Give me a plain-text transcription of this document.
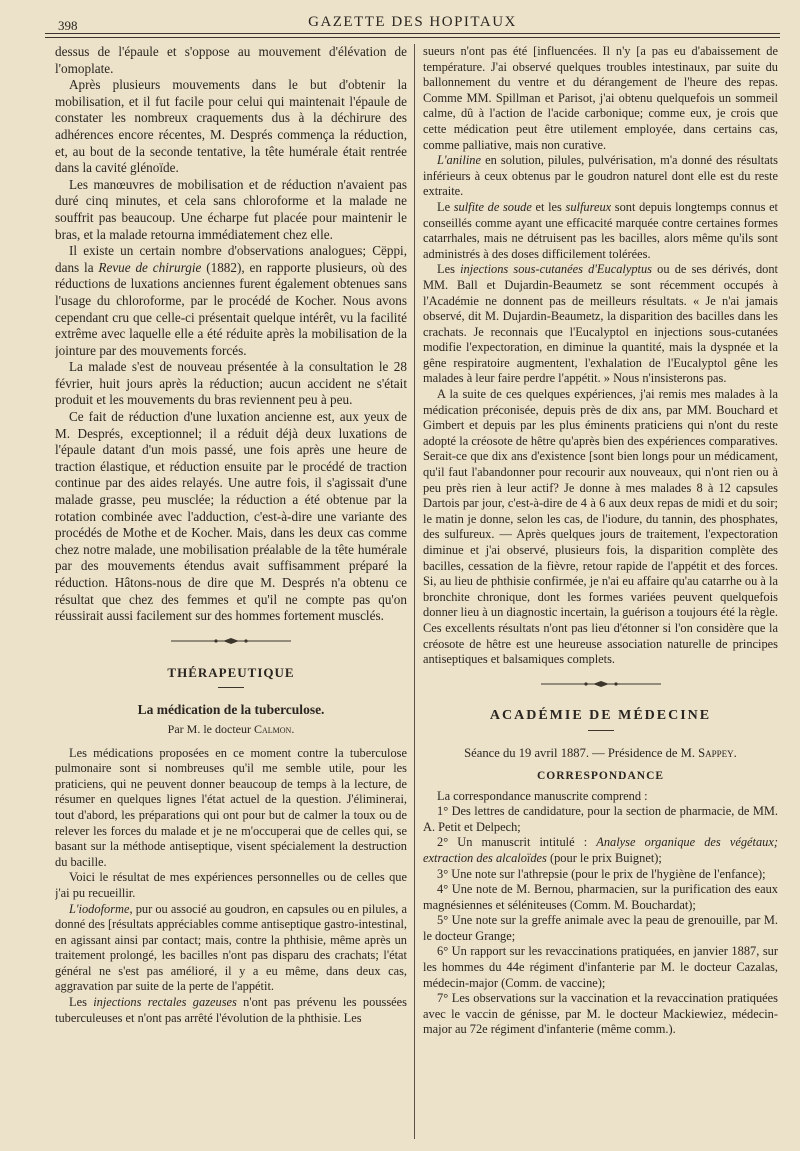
398	GAZETTE DES HOPITAUX

dessus de l'épaule et s'oppose au mouvement d'élévation de l'omoplate.

Après plusieurs mouvements dans le but d'obtenir la mobilisation, et il fut facile pour celui qui maintenait l'épaule de constater les nombreux craquements dus à la déchirure des adhérences encore récentes, M. Després commença la réduction, et, au bout de la seconde tentative, la tête humérale était rentrée dans la cavité glénoïde.

Les manœuvres de mobilisation et de réduction n'avaient pas duré cinq minutes, et cela sans chloroforme et la malade ne souffrit pas beaucoup. Une écharpe fut placée pour maintenir le bras, et la malade retourna immédiatement chez elle.

Il existe un certain nombre d'observations analogues; Cëppi, dans la Revue de chirurgie (1882), en rapporte plusieurs, où des réductions de luxations anciennes furent également obtenues sans l'usage du chloroforme, par le procédé de Kocher. Nous avons cependant cru que celle-ci présentait quelque intérêt, vu la facilité extrême avec laquelle elle a été réduite après la mobilisation de la jointure par des mouvements forcés.

La malade s'est de nouveau présentée à la consultation le 28 février, huit jours après la réduction; aucun accident ne s'était produit et les mouvements du bras reviennent peu à peu.

Ce fait de réduction d'une luxation ancienne est, aux yeux de M. Després, exceptionnel; il a réduit déjà deux luxations de l'épaule datant d'un mois passé, une fois après une heure de traction élastique, et réduction ensuite par le procédé de traction continue par des aides relayés. Une autre fois, il s'agissait d'une malade grasse, peu musclée; la réduction a été obtenue par la rotation combinée avec l'adduction, c'est-à-dire une variante des procédés de Mothe et de Kocher. Mais, dans les deux cas comme chez notre malade, une mobilisation préalable de la tête humérale par des mouvements étendus avait suffisamment préparé la réduction. Hâtons-nous de dire que M. Després n'a obtenu ce résultat que chez des femmes et qu'il ne compte pas qu'on réussirait aussi facilement sur des hommes fortement musclés.

THÉRAPEUTIQUE
La médication de la tuberculose.
Par M. le docteur Calmon.

Les médications proposées en ce moment contre la tuberculose pulmonaire sont si nombreuses qu'il me semble utile, pour les praticiens, qui ne peuvent donner beaucoup de temps à la lecture, de résumer en quelques lignes l'état actuel de la question. J'éliminerai, tout d'abord, les préparations qui ont pour but de calmer la toux ou de relever les forces du malade et je ne m'occuperai que de celles qui, se basant sur la méthode antiseptique, visent spécialement la destruction du bacille.

Voici le résultat de mes expériences personnelles ou de celles que j'ai pu recueillir.

L'iodoforme, pur ou associé au goudron, en capsules ou en pilules, a donné des [résultats appréciables comme antiseptique gastro-intestinal, en agissant ainsi par contact; mais, contre la phthisie, même après un traitement prolongé, les bacilles n'ont pas disparu des crachats; l'état général ne s'est pas amélioré, il y a eu même, dans deux cas, aggravation par suite de la perte de l'appétit.

Les injections rectales gazeuses n'ont pas prévenu les poussées tuberculeuses et n'ont pas arrêté l'évolution de la phthisie. Les

sueurs n'ont pas été [influencées. Il n'y [a pas eu d'abaissement de température. J'ai observé quelques troubles intestinaux, par suite du ballonnement du ventre et du dérangement de l'heure des repas. Comme MM. Spillman et Parisot, j'ai obtenu quelquefois un sommeil calme, dû à l'action de l'acide carbonique; comme eux, je crois que cette médication peut être utilement employée, dans certains cas, comme palliative, mais non curative.

L'aniline en solution, pilules, pulvérisation, m'a donné des résultats inférieurs à ceux obtenus par le goudron naturel dont elle est du reste extraite.

Le sulfite de soude et les sulfureux sont depuis longtemps connus et conseillés comme ayant une efficacité marquée contre certaines formes catarrhales, mais ne détruisent pas les bacilles, alors même qu'ils sont administrés à des doses difficilement tolérées.

Les injections sous-cutanées d'Eucalyptus ou de ses dérivés, dont MM. Ball et Dujardin-Beaumetz se sont récemment occupés à l'Académie ne donnent pas de meilleurs résultats. « Je n'ai jamais observé, dit M. Dujardin-Beaumetz, la disparition des bacilles dans les crachats. Je reconnais que l'Eucalyptol en injections sous-cutanées modifie l'expectoration, en diminue la quantité, mais la dyspnée et la gêne respiratoire augmentent, l'exhalation de l'Eucalyptol gêne les malades à leur faire perdre l'appétit. » Nous n'insisterons pas.

A la suite de ces quelques expériences, j'ai remis mes malades à la médication préconisée, depuis près de dix ans, par MM. Bouchard et Gimbert et depuis par les plus éminents praticiens qui n'ont du reste adopté la créosote de hêtre qu'après bien des expériences comparatives. Serait-ce que dix ans d'existence [sont bien longs pour un médicament, qu'il faut l'abandonner pour recourir aux nouveaux, qui n'ont rien ou à peu près rien à leur actif? Je donne à mes malades 8 à 12 capsules Dartois par jour, c'est-à-dire de 4 à 6 aux deux repas de midi et du soir; le matin je donne, selon les cas, de l'iodure, du tannin, des phosphates, des sulfureux. — Après quelques jours de traitement, l'expectoration diminue et j'ai observé, plusieurs fois, la disparition complète des bacilles, cessation de la fièvre, retour rapide de l'appétit et des forces. Si, au lieu de phthisie confirmée, je n'ai eu affaire qu'au catarrhe ou à la bronchite chronique, dont les formes variées peuvent quelquefois donner lieu à un diagnostic incertain, la guérison a toujours été la règle. Ces excellents résultats n'ont pas lieu d'étonner si l'on considère que la créosote de hêtre est une heureuse association naturelle de principes antiseptiques et balsamiques complets.

ACADÉMIE DE MÉDECINE
Séance du 19 avril 1887. — Présidence de M. Sappey.
CORRESPONDANCE

La correspondance manuscrite comprend :

1° Des lettres de candidature, pour la section de pharmacie, de MM. A. Petit et Delpech;

2° Un manuscrit intitulé : Analyse organique des végétaux; extraction des alcaloïdes (pour le prix Buignet);

3° Une note sur l'athrepsie (pour le prix de l'hygiène de l'enfance);

4° Une note de M. Bernou, pharmacien, sur la purification des eaux magnésiennes et séléniteuses (Comm. M. Bouchardat);

5° Une note sur la greffe animale avec la peau de grenouille, par M. le docteur Grange;

6° Un rapport sur les revaccinations pratiquées, en janvier 1887, sur les hommes du 44e régiment d'infanterie par M. le docteur Cazalas, médecin-major (Comm. de vaccine);

7° Les observations sur la vaccination et la revaccination pratiquées avec le vaccin de génisse, par M. le docteur Mackiewiez, médecin-major au 72e régiment d'infanterie (même comm.).
